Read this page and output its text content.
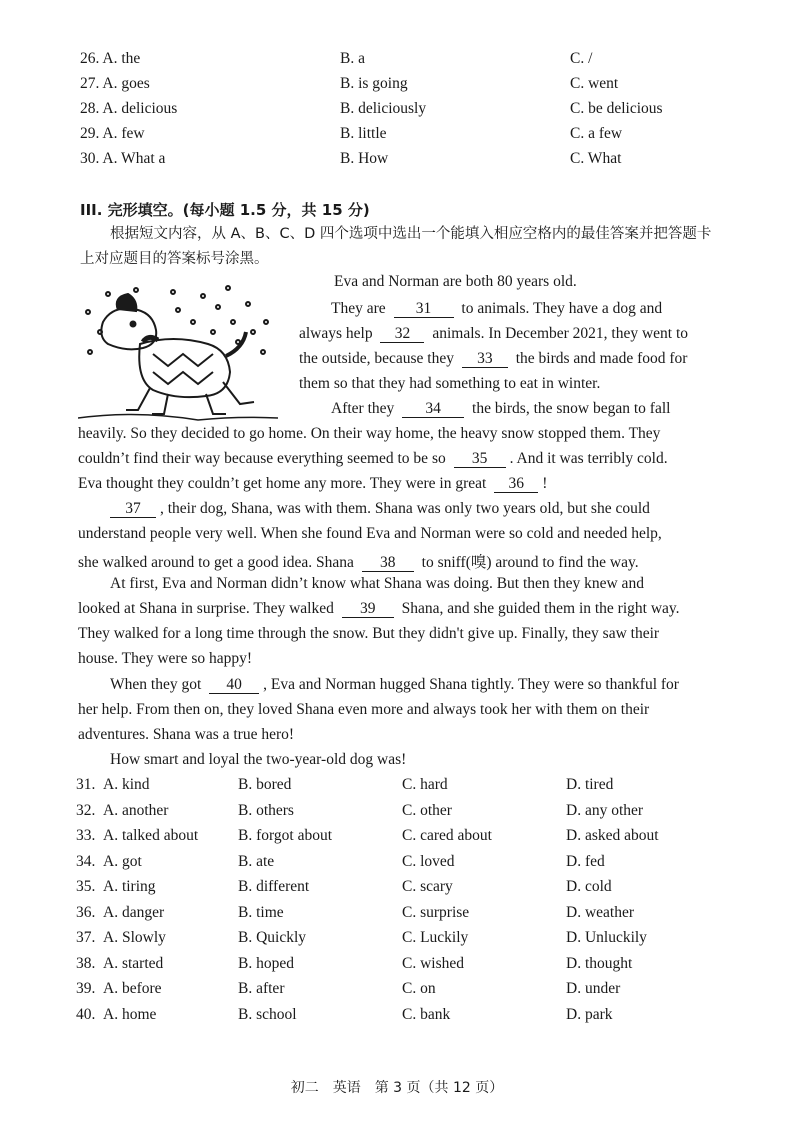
26. A. the	B. a	C. /
27. A. goes	B. is going	C. went
28. A. delicious	B. deliciously	C. be delicious
29. A. few	B. little	C. a few
30. A. What a	B. How	C. What
III. 完形填空。(每小题 1.5 分，共 15 分)
根据短文内容，从 A、B、C、D 四个选项中选出一个能填入相应空格内的最佳答案并把答题卡上对应题目的答案标号涂黑。
Eva and Norman are both 80 years old.
They are 31 to animals. They have a dog and
always help 32 animals. In December 2021, they went to
the outside, because they 33 the birds and made food for
them so that they had something to eat in winter.
After they 34 the birds, the snow began to fall
heavily. So they decided to go home. On their way home, the heavy snow stopped them. They
couldn’t find their way because everything seemed to be so 35 . And it was terribly cold.
Eva thought they couldn’t get home any more. They were in great 36 !
37 , their dog, Shana, was with them. Shana was only two years old, but she could
understand people very well. When she found Eva and Norman were so cold and needed help,
she walked around to get a good idea. Shana 38 to sniff(嗅) around to find the way.
At first, Eva and Norman didn’t know what Shana was doing. But then they knew and
looked at Shana in surprise. They walked 39 Shana, and she guided them in the right way.
They walked for a long time through the snow. But they didn't give up. Finally, they saw their
house. They were so happy!
When they got 40 , Eva and Norman hugged Shana tightly. They were so thankful for
her help. From then on, they loved Shana even more and always took her with them on their
adventures. Shana was a true hero!
How smart and loyal the two-year-old dog was!
31. A. kind	B. bored	C. hard	D. tired
32. A. another	B. others	C. other	D. any other
33. A. talked about	B. forgot about	C. cared about	D. asked about
34. A. got	B. ate	C. loved	D. fed
35. A. tiring	B. different	C. scary	D. cold
36. A. danger	B. time	C. surprise	D. weather
37. A. Slowly	B. Quickly	C. Luckily	D. Unluckily
38. A. started	B. hoped	C. wished	D. thought
39. A. before	B. after	C. on	D. under
40. A. home	B. school	C. bank	D. park
初二　英语　第 3 页（共 12 页）
